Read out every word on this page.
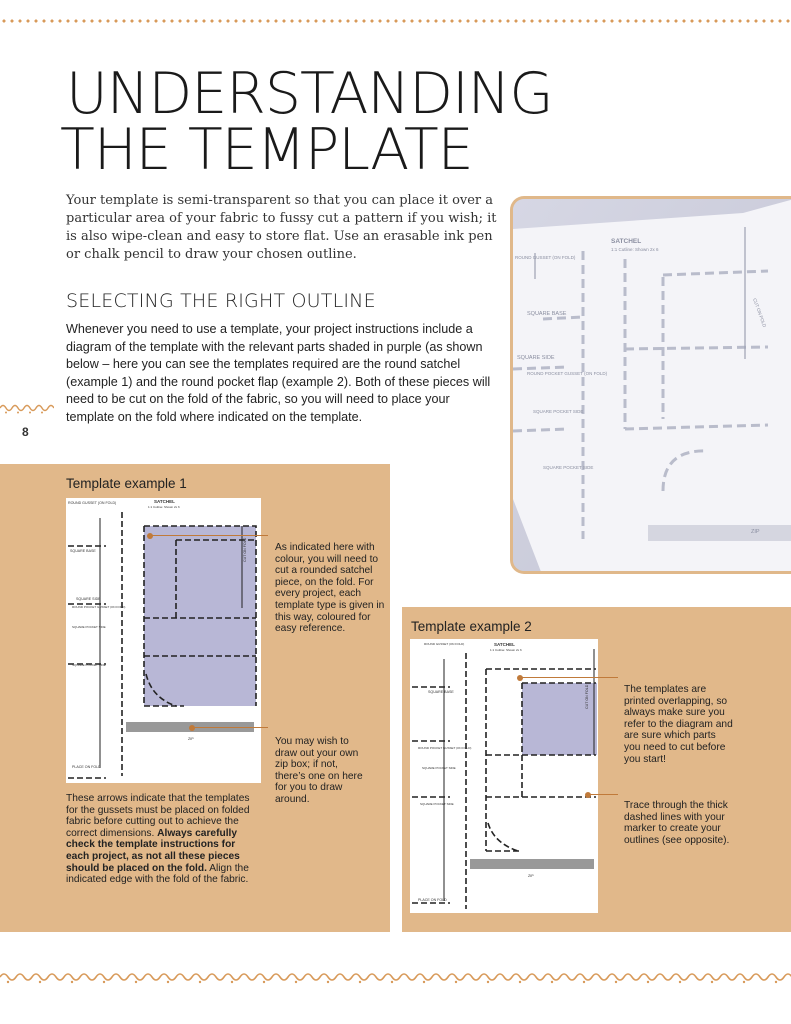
UNDERSTANDING
THE TEMPLATE

Your template is semi-transparent so that you can place it over a particular area of your fabric to fussy cut a pattern if you wish; it is also wipe-clean and easy to store flat. Use an erasable ink pen or chalk pencil to draw your chosen outline.

SELECTING THE RIGHT OUTLINE

Whenever you need to use a template, your project instructions include a diagram of the template with the relevant parts shaded in purple (as shown below – here you can see the templates required are the round satchel (example 1) and the round pocket flap (example 2). Both of these pieces will need to be cut on the fold of the fabric, so you will need to place your template on the fold where indicated on the template.

8
SATCHEL
1:1 Cutline: Shown 2x 6
ROUND GUSSET (ON FOLD)
SQUARE BASE
SQUARE SIDE
ROUND POCKET GUSSET (ON FOLD)
SQUARE POCKET SIDE
SQUARE POCKET SIDE
ZIP
CUT ON FOLD
Template example 1
ROUND GUSSET (ON FOLD)	SATCHEL
1:1 Cutline: Shown 2x 6
SQUARE BASE
SQUARE SIDE
ROUND POCKET GUSSET (ON FOLD)
SQUARE POCKET SIDE
SQUARE POCKET SIDE
ZIP
PLACE ON FOLD
CUT ON FOLD	As indicated here with colour, you will need to cut a rounded satchel piece, on the fold. For every project, each template type is given in this way, coloured for easy reference.

You may wish to draw out your own zip box; if not, there’s one on here for you to draw around.

These arrows indicate that the templates for the gussets must be placed on folded fabric before cutting out to achieve the correct dimensions. Always carefully check the template instructions for each project, as not all these pieces should be placed on the fold. Align the indicated edge with the fold of the fabric.

Template example 2
ROUND GUSSET (ON FOLD)	SATCHEL
1:1 Cutline: Shown 2x 6
SQUARE BASE
ROUND POCKET GUSSET (ON FOLD)
SQUARE POCKET SIDE
SQUARE POCKET SIDE
ZIP
PLACE ON FOLD
CUT ON FOLD	The templates are printed overlapping, so always make sure you refer to the diagram and are sure which parts you need to cut before you start!

Trace through the thick dashed lines with your marker to create your outlines (see opposite).
